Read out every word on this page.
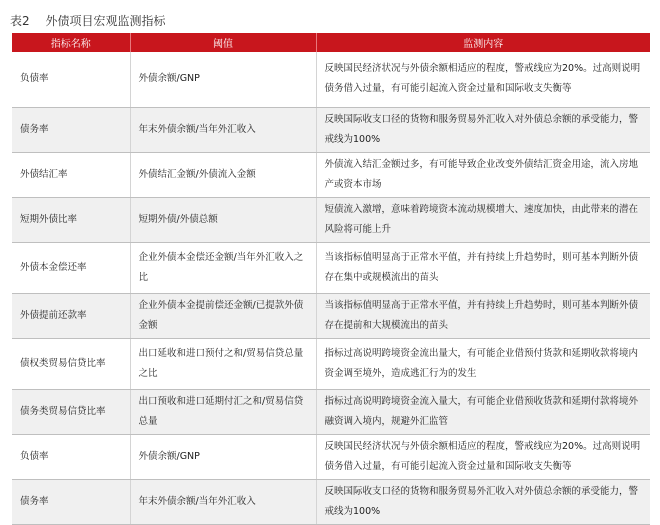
表2 外债项目宏观监测指标
指标名称	阈值	监测内容
负债率	外债余额/GNP	反映国民经济状况与外债余额相适应的程度，警戒线应为20%。过高则说明债务借入过量，有可能引起流入资金过量和国际收支失衡等
债务率	年末外债余额/当年外汇收入	反映国际收支口径的货物和服务贸易外汇收入对外债总余额的承受能力，警戒线为100%
外债结汇率	外债结汇金额/外债流入金额	外债流入结汇金额过多，有可能导致企业改变外债结汇资金用途，流入房地产或资本市场
短期外债比率	短期外债/外债总额	短债流入激增，意味着跨境资本流动规模增大、速度加快，由此带来的潜在风险将可能上升
外债本金偿还率	企业外债本金偿还金额/当年外汇收入之比	当该指标值明显高于正常水平值，并有持续上升趋势时，则可基本判断外债存在集中或规模流出的苗头
外债提前还款率	企业外债本金提前偿还金额/已提款外债金额	当该指标值明显高于正常水平值，并有持续上升趋势时，则可基本判断外债存在提前和大规模流出的苗头
债权类贸易信贷比率	出口延收和进口预付之和/贸易信贷总量之比	指标过高说明跨境资金流出量大，有可能企业借预付货款和延期收款将境内资金调至境外，造成逃汇行为的发生
债务类贸易信贷比率	出口预收和进口延期付汇之和/贸易信贷总量	指标过高说明跨境资金流入量大，有可能企业借预收货款和延期付款将境外融资调入境内，规避外汇监管
负债率	外债余额/GNP	反映国民经济状况与外债余额相适应的程度，警戒线应为20%。过高则说明债务借入过量，有可能引起流入资金过量和国际收支失衡等
债务率	年末外债余额/当年外汇收入	反映国际收支口径的货物和服务贸易外汇收入对外债总余额的承受能力，警戒线为100%
